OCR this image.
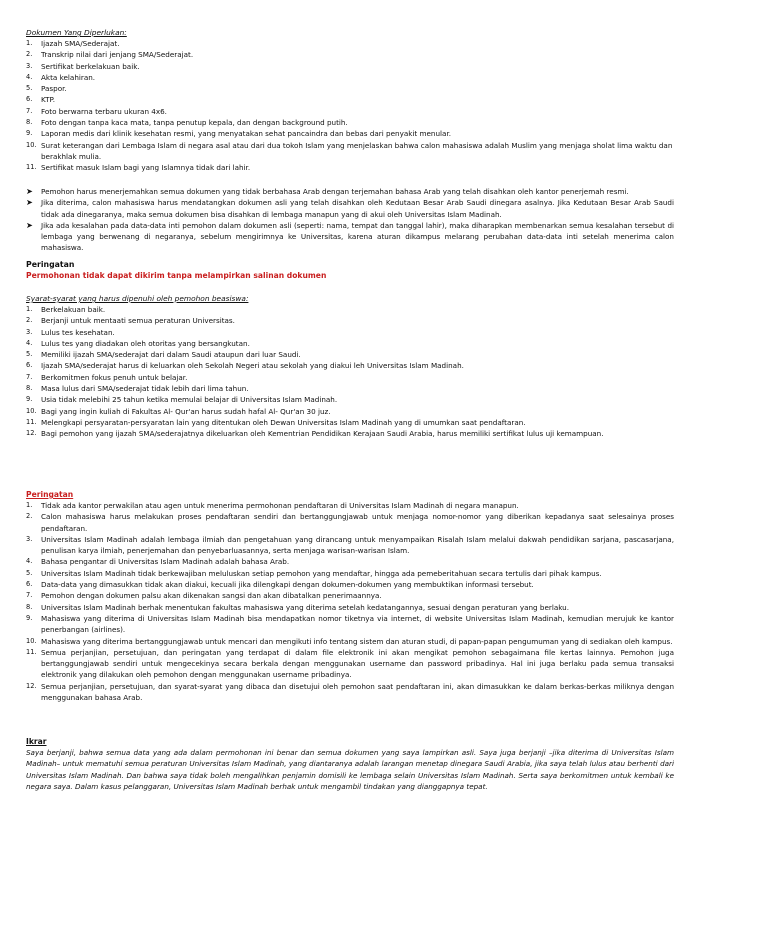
Dokumen Yang Diperlukan:

1. Ijazah SMA/Sederajat.
2. Transkrip nilai dari jenjang SMA/Sederajat.
3. Sertifikat berkelakuan baik.
4. Akta kelahiran.
5. Paspor.
6. KTP.
7. Foto berwarna terbaru ukuran 4x6.
8. Foto dengan tanpa kaca mata, tanpa penutup kepala, dan dengan background putih.
9. Laporan medis dari klinik kesehatan resmi, yang menyatakan sehat pancaindra dan bebas dari penyakit menular.
10. Surat keterangan dari Lembaga Islam di negara asal atau dari dua tokoh Islam yang menjelaskan bahwa calon mahasiswa adalah Muslim yang menjaga sholat lima waktu dan berakhlak mulia.
11. Sertifikat masuk Islam bagi yang Islamnya tidak dari lahir.
➤ Pemohon harus menerjemahkan semua dokumen yang tidak berbahasa Arab dengan terjemahan bahasa Arab yang telah disahkan oleh kantor penerjemah resmi.
➤ Jika diterima, calon mahasiswa harus mendatangkan dokumen asli yang telah disahkan oleh Kedutaan Besar Arab Saudi dinegara asalnya. Jika Kedutaan Besar Arab Saudi tidak ada dinegaranya, maka semua dokumen bisa disahkan di lembaga manapun yang di akui oleh Universitas Islam Madinah.
➤ Jika ada kesalahan pada data-data inti pemohon dalam dokumen asli (seperti: nama, tempat dan tanggal lahir), maka diharapkan membenarkan semua kesalahan tersebut di lembaga yang berwenang di negaranya, sebelum mengirimnya ke Universitas, karena aturan dikampus melarang perubahan data-data inti setelah menerima calon mahasiswa.

Peringatan

Permohonan tidak dapat dikirim tanpa melampirkan salinan dokumen

Syarat-syarat yang harus dipenuhi oleh pemohon beasiswa:

1. Berkelakuan baik.
2. Berjanji untuk mentaati semua peraturan Universitas.
3. Lulus tes kesehatan.
4. Lulus tes yang diadakan oleh otoritas yang bersangkutan.
5. Memiliki ijazah SMA/sederajat dari dalam Saudi ataupun dari luar Saudi.
6. Ijazah SMA/sederajat harus di keluarkan oleh Sekolah Negeri atau sekolah yang diakui leh Universitas Islam Madinah.
7. Berkomitmen fokus penuh untuk belajar.
8. Masa lulus dari SMA/sederajat tidak lebih dari lima tahun.
9. Usia tidak melebihi 25 tahun ketika memulai belajar di Universitas Islam Madinah.
10. Bagi yang ingin kuliah di Fakultas Al- Qur'an harus sudah hafal Al- Qur'an 30 juz.
11. Melengkapi persyaratan-persyaratan lain yang ditentukan oleh Dewan Universitas Islam Madinah yang di umumkan saat pendaftaran.
12. Bagi pemohon yang ijazah SMA/sederajatnya dikeluarkan oleh Kementrian Pendidikan Kerajaan Saudi Arabia, harus memiliki sertifikat lulus uji kemampuan.

Peringatan

1. Tidak ada kantor perwakilan atau agen untuk menerima permohonan pendaftaran di Universitas Islam Madinah di negara manapun.
2. Calon mahasiswa harus melakukan proses pendaftaran sendiri dan bertanggungjawab untuk menjaga nomor-nomor yang diberikan kepadanya saat selesainya proses pendaftaran.
3. Universitas Islam Madinah adalah lembaga ilmiah dan pengetahuan yang dirancang untuk menyampaikan Risalah Islam melalui dakwah pendidikan sarjana, pascasarjana, penulisan karya ilmiah, penerjemahan dan penyebarluasannya, serta menjaga warisan-warisan Islam.
4. Bahasa pengantar di Universitas Islam Madinah adalah bahasa Arab.
5. Universitas Islam Madinah tidak berkewajiban meluluskan setiap pemohon yang mendaftar, hingga ada pemeberitahuan secara tertulis dari pihak kampus.
6. Data-data yang dimasukkan tidak akan diakui, kecuali jika dilengkapi dengan dokumen-dokumen yang membuktikan informasi tersebut.
7. Pemohon dengan dokumen palsu akan dikenakan sangsi dan akan dibatalkan penerimaannya.
8. Universitas Islam Madinah berhak menentukan fakultas mahasiswa yang diterima setelah kedatangannya, sesuai dengan peraturan yang berlaku.
9. Mahasiswa yang diterima di Universitas Islam Madinah bisa mendapatkan nomor tiketnya via internet, di website Universitas Islam Madinah, kemudian merujuk ke kantor penerbangan (airlines).
10. Mahasiswa yang diterima bertanggungjawab untuk mencari dan mengikuti info tentang sistem dan aturan studi, di papan-papan pengumuman yang di sediakan oleh kampus.
11. Semua perjanjian, persetujuan, dan peringatan yang terdapat di dalam file elektronik ini akan mengikat pemohon sebagaimana file kertas lainnya. Pemohon juga bertanggungjawab sendiri untuk mengecekinya secara berkala dengan menggunakan username dan password pribadinya. Hal ini juga berlaku pada semua transaksi elektronik yang dilakukan oleh pemohon dengan menggunakan username pribadinya.
12. Semua perjanjian, persetujuan, dan syarat-syarat yang dibaca dan disetujui oleh pemohon saat pendaftaran ini, akan dimasukkan ke dalam berkas-berkas miliknya dengan menggunakan bahasa Arab.

Ikrar

Saya berjanji, bahwa semua data yang ada dalam permohonan ini benar dan semua dokumen yang saya lampirkan asli. Saya juga berjanji –jika diterima di Universitas Islam Madinah– untuk mematuhi semua peraturan Universitas Islam Madinah, yang diantaranya adalah larangan menetap dinegara Saudi Arabia, jika saya telah lulus atau berhenti dari Universitas Islam Madinah. Dan bahwa saya tidak boleh mengalihkan penjamin domisili ke lembaga selain Universitas Islam Madinah. Serta saya berkomitmen untuk kembali ke negara saya. Dalam kasus pelanggaran, Universitas Islam Madinah berhak untuk mengambil tindakan yang dianggapnya tepat.
